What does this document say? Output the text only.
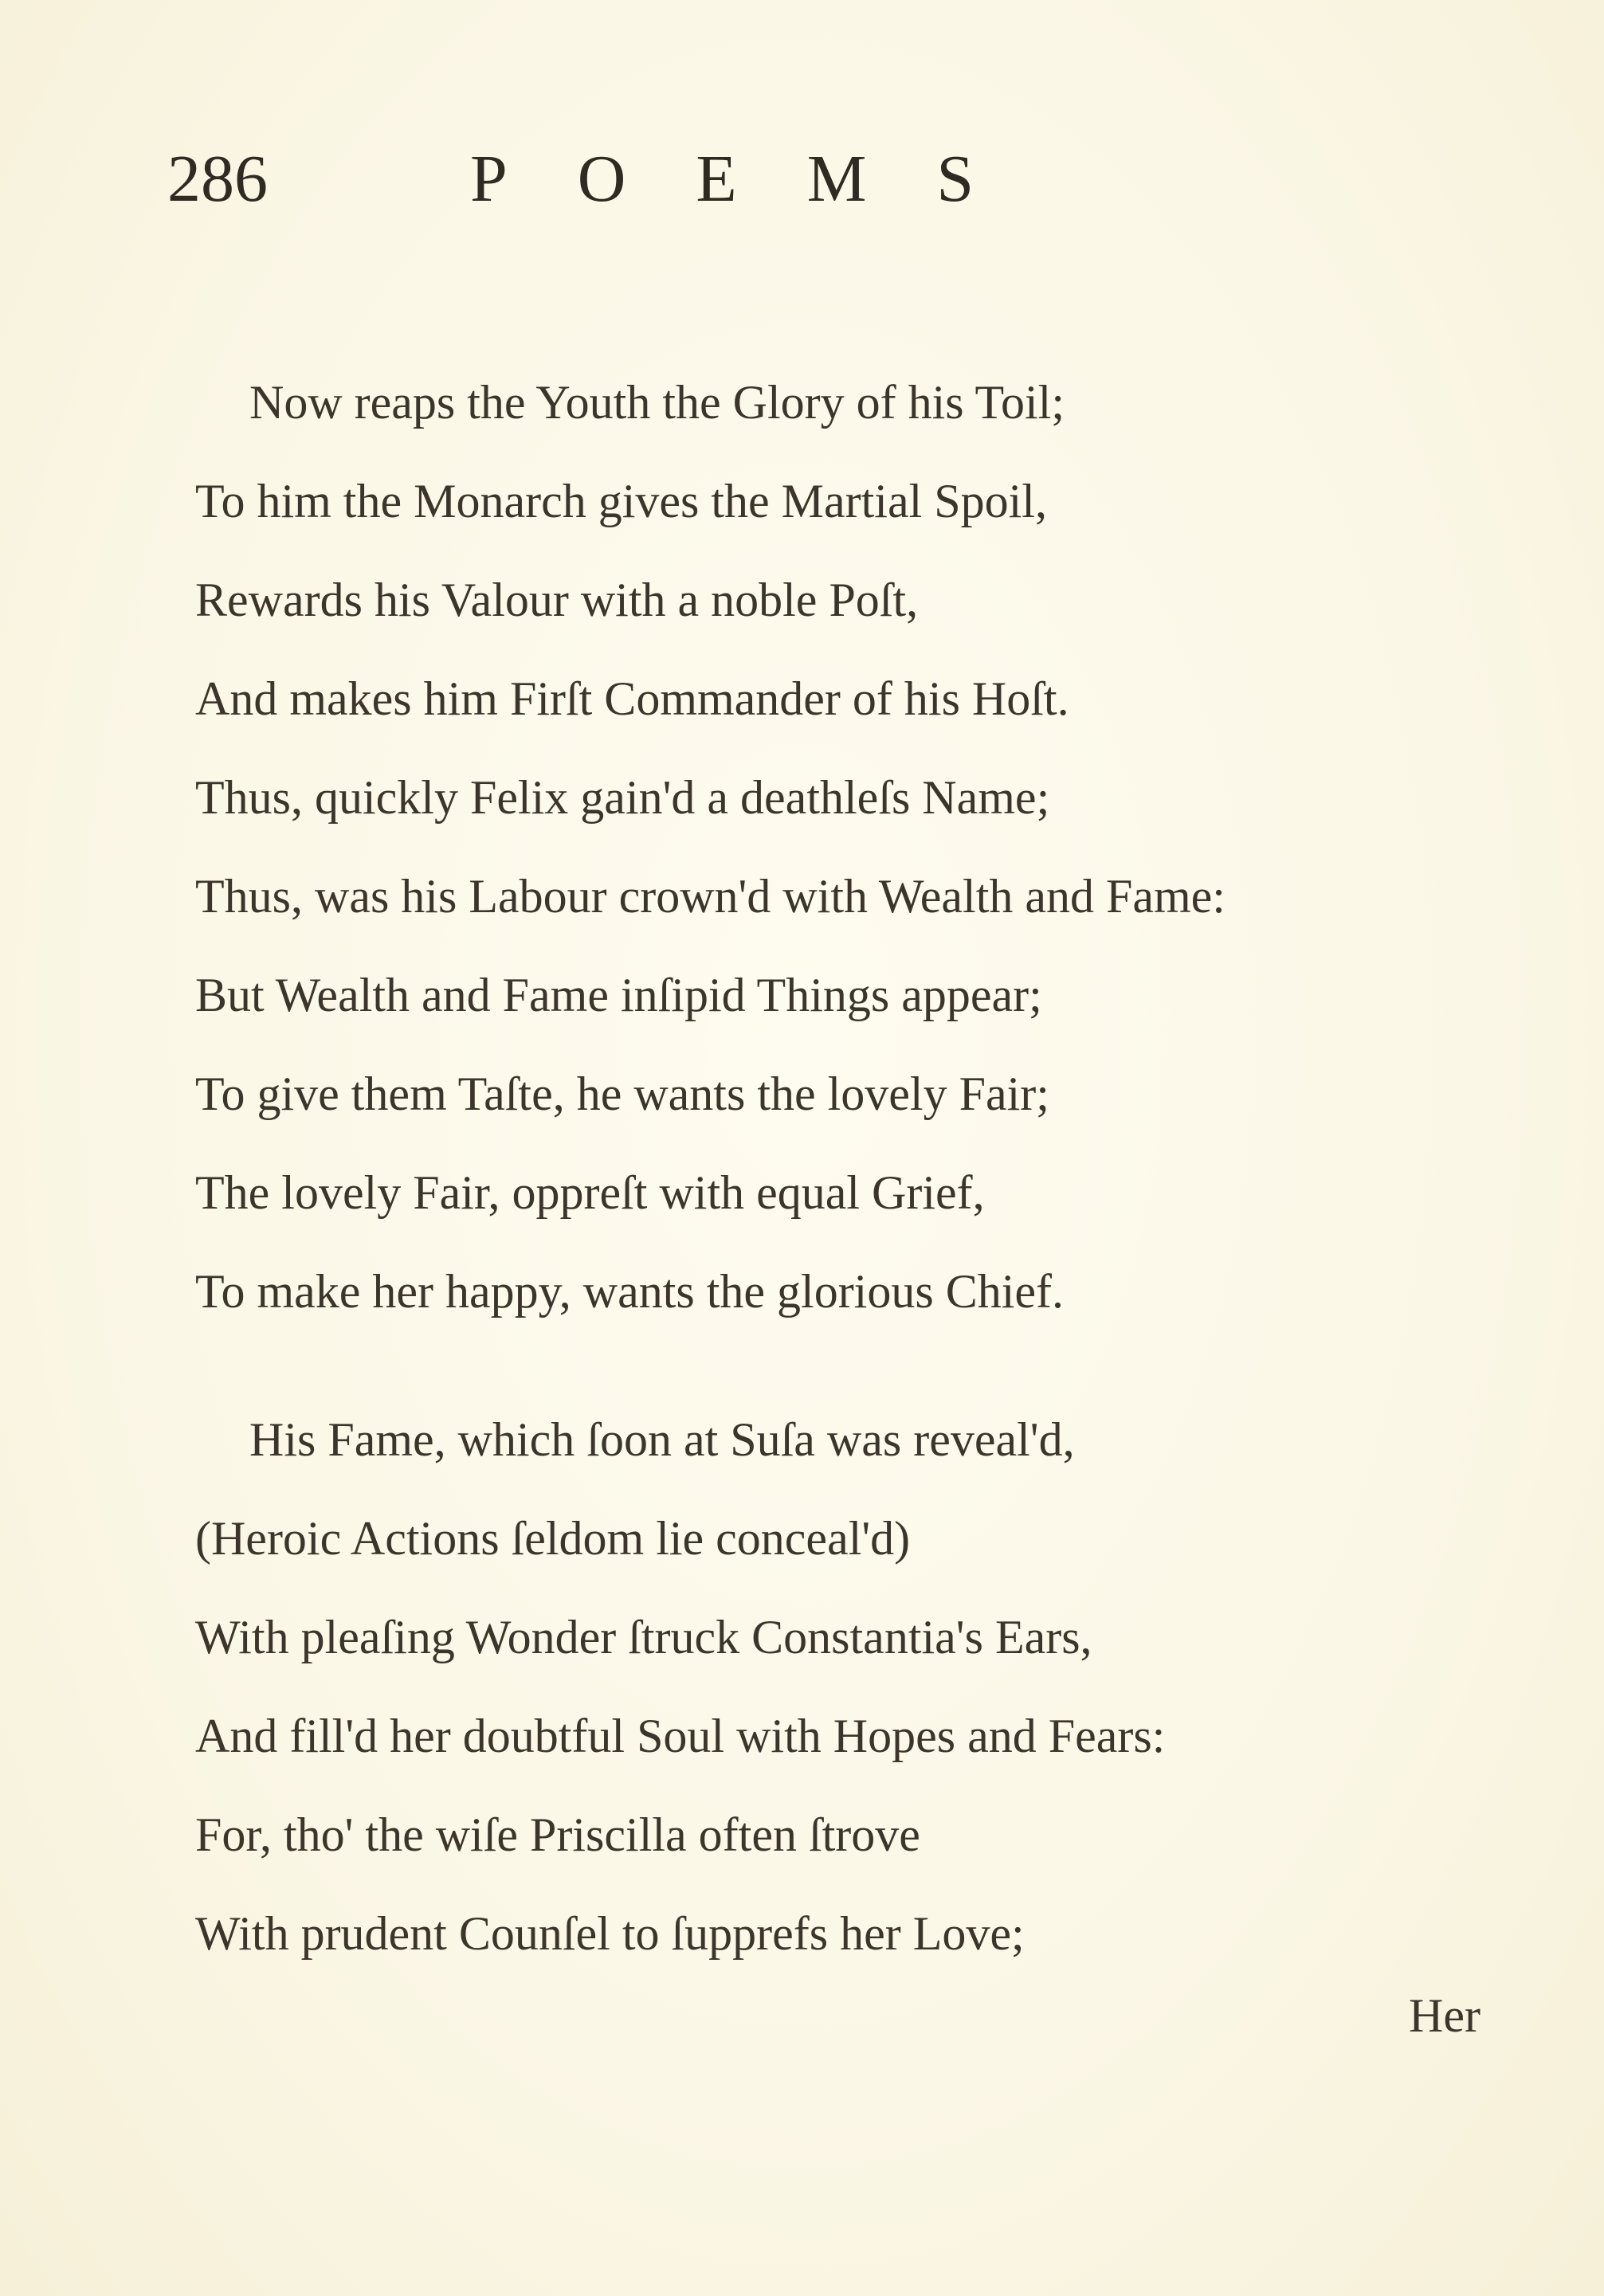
286	POEMS
Now reaps the Youth the Glory of his Toil;
To him the Monarch gives the Martial Spoil,
Rewards his Valour with a noble Poſt,
And makes him Firſt Commander of his Hoſt.
Thus, quickly Felix gain'd a deathleſs Name;
Thus, was his Labour crown'd with Wealth and Fame:
But Wealth and Fame inſipid Things appear;
To give them Taſte, he wants the lovely Fair;
The lovely Fair, oppreſt with equal Grief,
To make her happy, wants the glorious Chief.
His Fame, which ſoon at Suſa was reveal'd,
(Heroic Actions ſeldom lie conceal'd)
With pleaſing Wonder ſtruck Constantia's Ears,
And fill'd her doubtful Soul with Hopes and Fears:
For, tho' the wiſe Priscilla often ſtrove
With prudent Counſel to ſupprefs her Love;
Her
